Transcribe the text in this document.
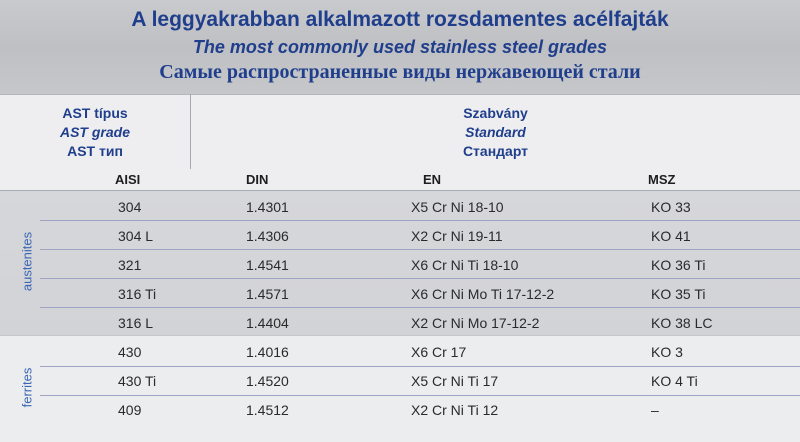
A leggyakrabban alkalmazott rozsdamentes acélfajták
The most commonly used stainless steel grades
Самые распространенные виды нержавеющей стали
AST típus
AST grade
AST тип
Szabvány
Standard
Стандарт
AISI	DIN	EN	MSZ
austenites
ferrites
304	1.4301	X5 Cr Ni 18-10	KO 33
304 L	1.4306	X2 Cr Ni 19-11	KO 41
321	1.4541	X6 Cr Ni Ti 18-10	KO 36 Ti
316 Ti	1.4571	X6 Cr Ni Mo Ti 17-12-2	KO 35 Ti
316 L	1.4404	X2 Cr Ni Mo 17-12-2	KO 38 LC
430	1.4016	X6 Cr 17	KO 3
430 Ti	1.4520	X5 Cr Ni Ti 17	KO 4 Ti
409	1.4512	X2 Cr Ni Ti 12	–
